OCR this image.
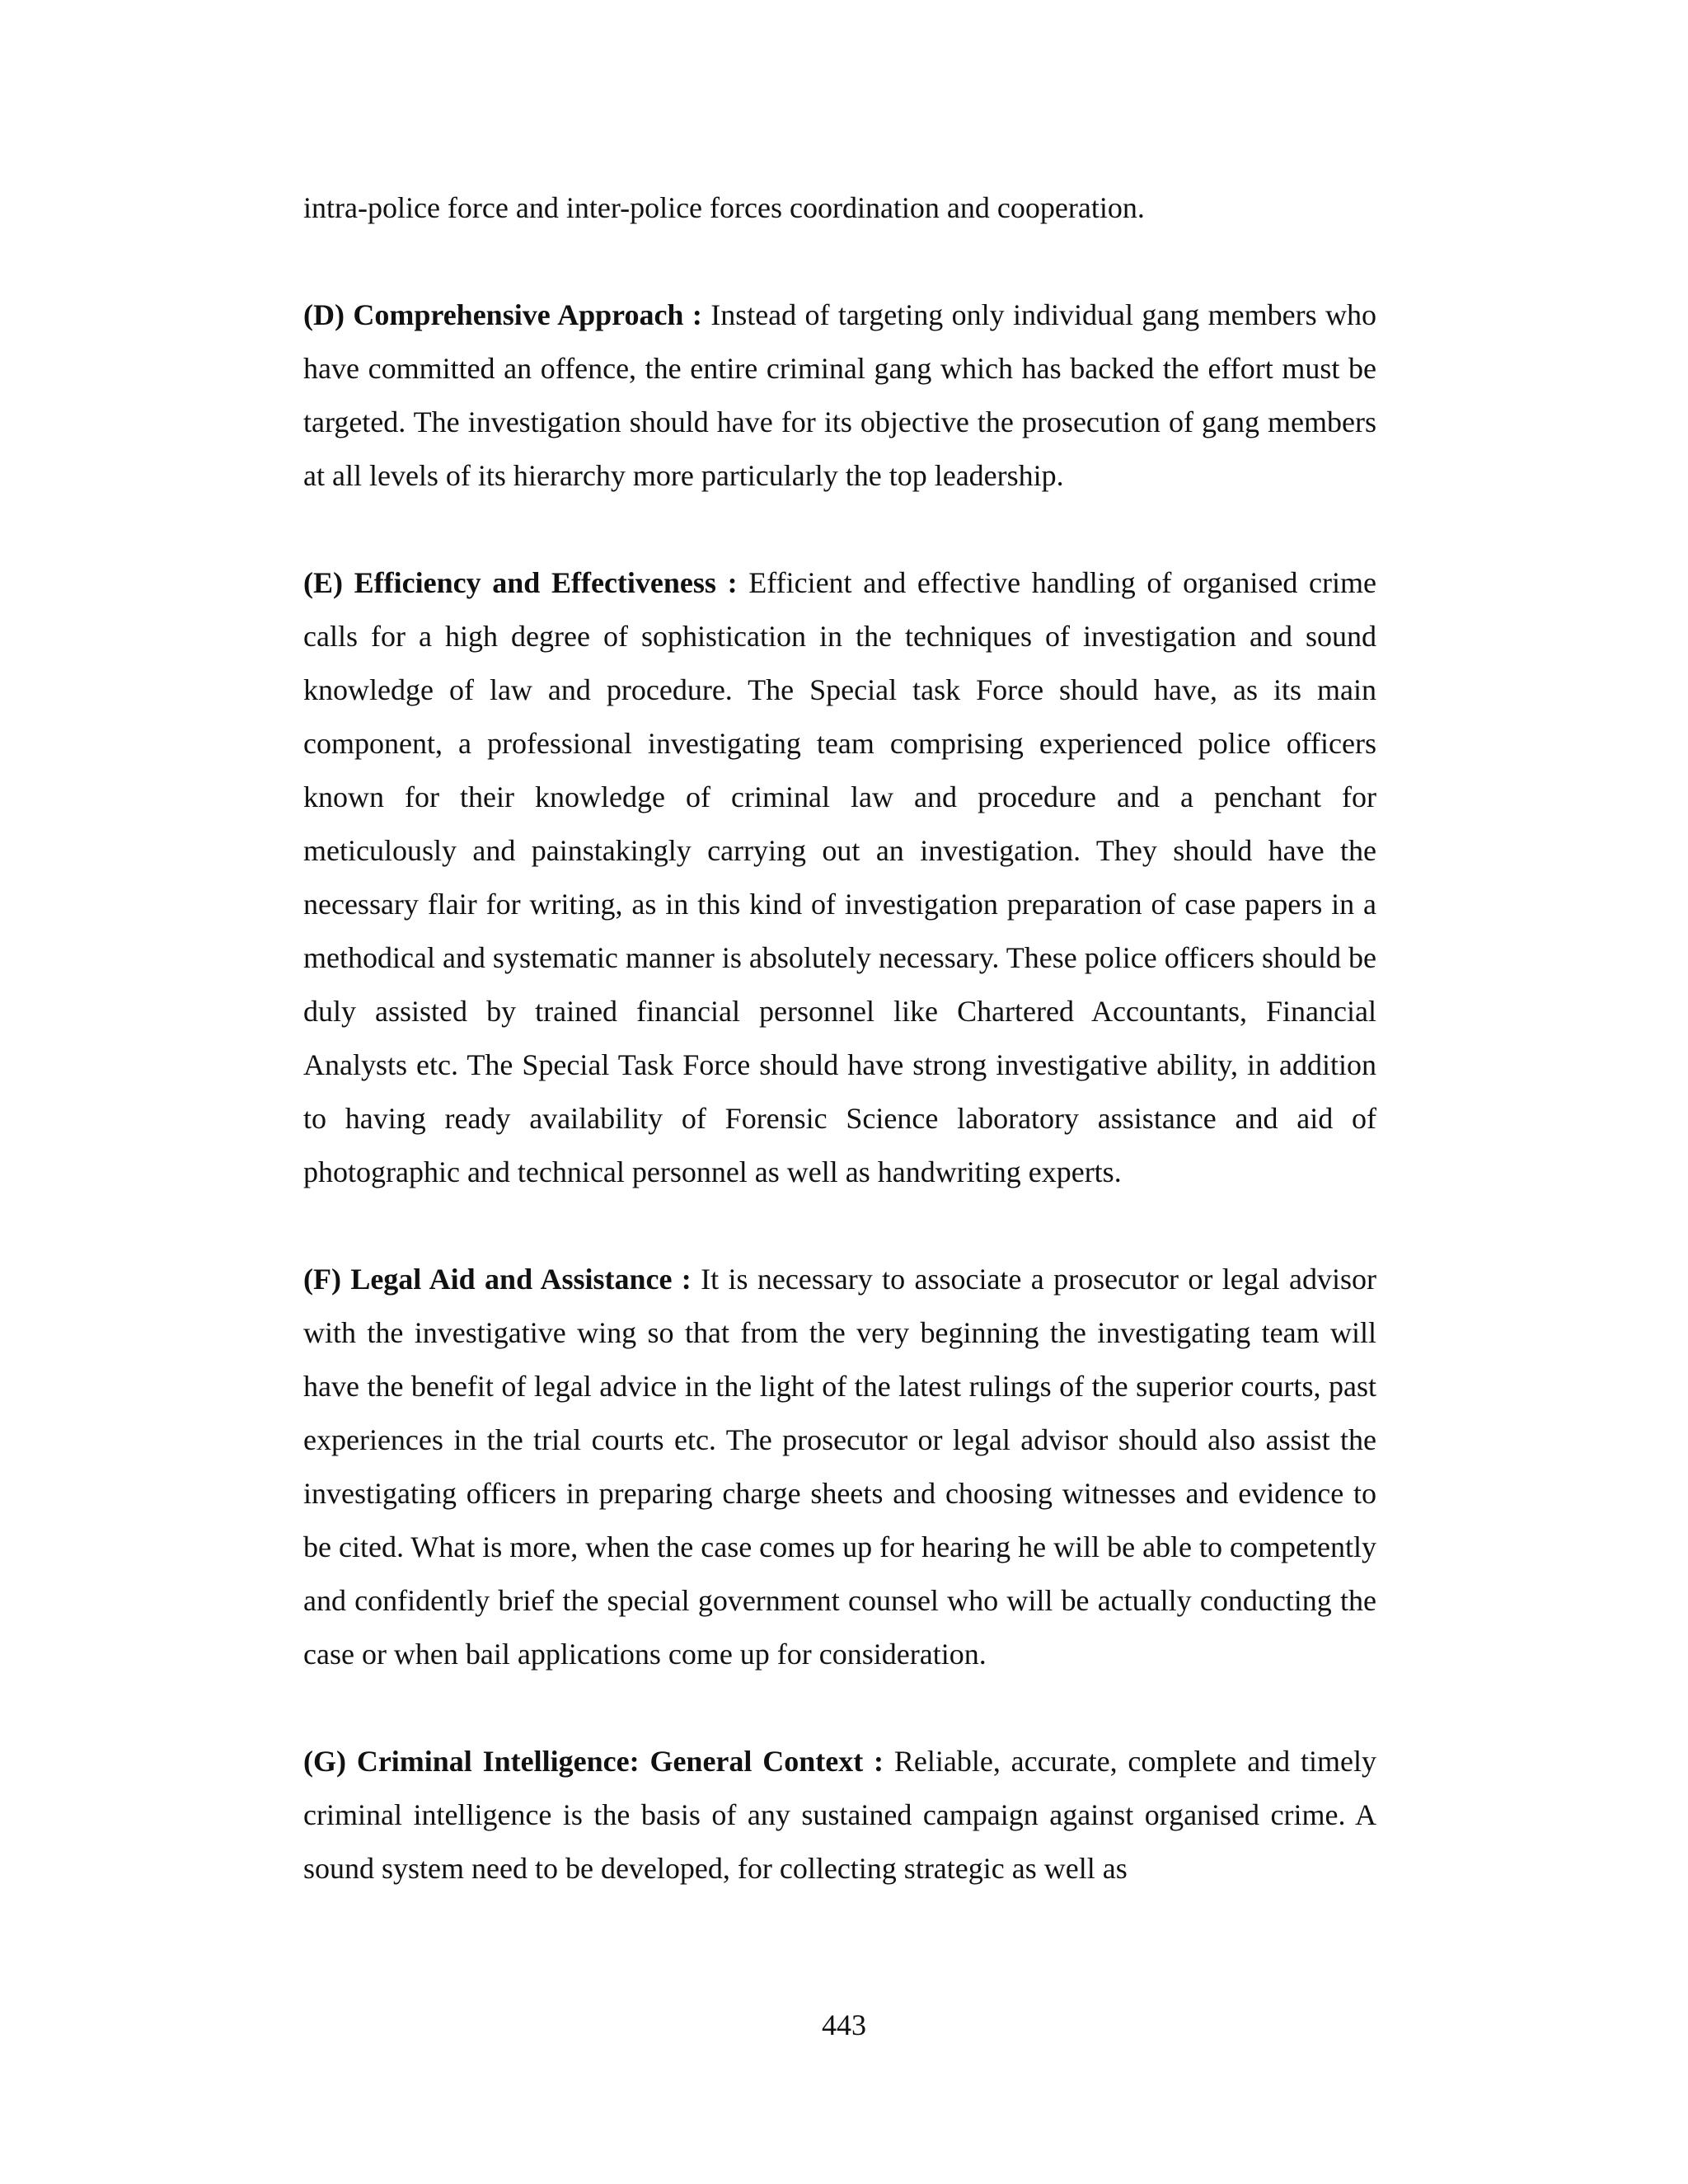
intra-police force and inter-police forces coordination and cooperation.

(D) Comprehensive Approach : Instead of targeting only individual gang members who have committed an offence, the entire criminal gang which has backed the effort must be targeted. The investigation should have for its objective the prosecution of gang members at all levels of its hierarchy more particularly the top leadership.

(E) Efficiency and Effectiveness : Efficient and effective handling of organised crime calls for a high degree of sophistication in the techniques of investigation and sound knowledge of law and procedure. The Special task Force should have, as its main component, a professional investigating team comprising experienced police officers known for their knowledge of criminal law and procedure and a penchant for meticulously and painstakingly carrying out an investigation. They should have the necessary flair for writing, as in this kind of investigation preparation of case papers in a methodical and systematic manner is absolutely necessary. These police officers should be duly assisted by trained financial personnel like Chartered Accountants, Financial Analysts etc. The Special Task Force should have strong investigative ability, in addition to having ready availability of Forensic Science laboratory assistance and aid of photographic and technical personnel as well as handwriting experts.

(F) Legal Aid and Assistance : It is necessary to associate a prosecutor or legal advisor with the investigative wing so that from the very beginning the investigating team will have the benefit of legal advice in the light of the latest rulings of the superior courts, past experiences in the trial courts etc. The prosecutor or legal advisor should also assist the investigating officers in preparing charge sheets and choosing witnesses and evidence to be cited. What is more, when the case comes up for hearing he will be able to competently and confidently brief the special government counsel who will be actually conducting the case or when bail applications come up for consideration.

(G) Criminal Intelligence: General Context : Reliable, accurate, complete and timely criminal intelligence is the basis of any sustained campaign against organised crime. A sound system need to be developed, for collecting strategic as well as

443
